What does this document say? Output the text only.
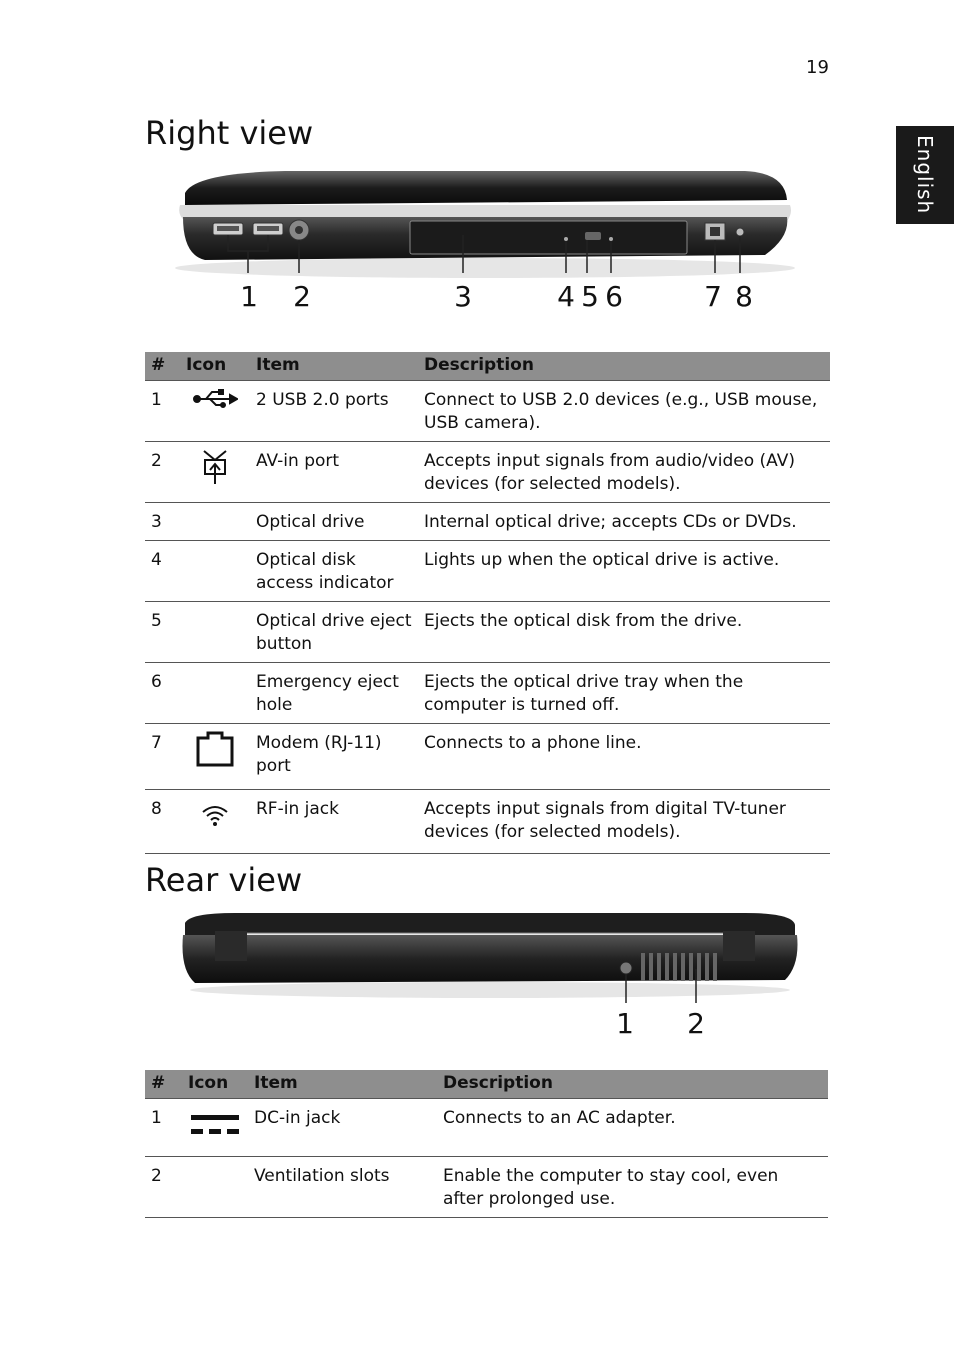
19
English
Right view
1 2	3	4 5 6	7 8
#	Icon	Item	Description
1		2 USB 2.0 ports	Connect to USB 2.0 devices (e.g., USB mouse, USB camera).
2		AV-in port	Accepts input signals from audio/video (AV) devices (for selected models).
3		Optical drive	Internal optical drive; accepts CDs or DVDs.
4		Optical disk access indicator	Lights up when the optical drive is active.
5		Optical drive eject button	Ejects the optical disk from the drive.
6		Emergency eject hole	Ejects the optical drive tray when the computer is turned off.
7		Modem (RJ-11) port	Connects to a phone line.
8		RF-in jack	Accepts input signals from digital TV-tuner devices (for selected models).
Rear view
1 2
#	Icon	Item	Description
1		DC-in jack	Connects to an AC adapter.
2		Ventilation slots	Enable the computer to stay cool, even after prolonged use.
